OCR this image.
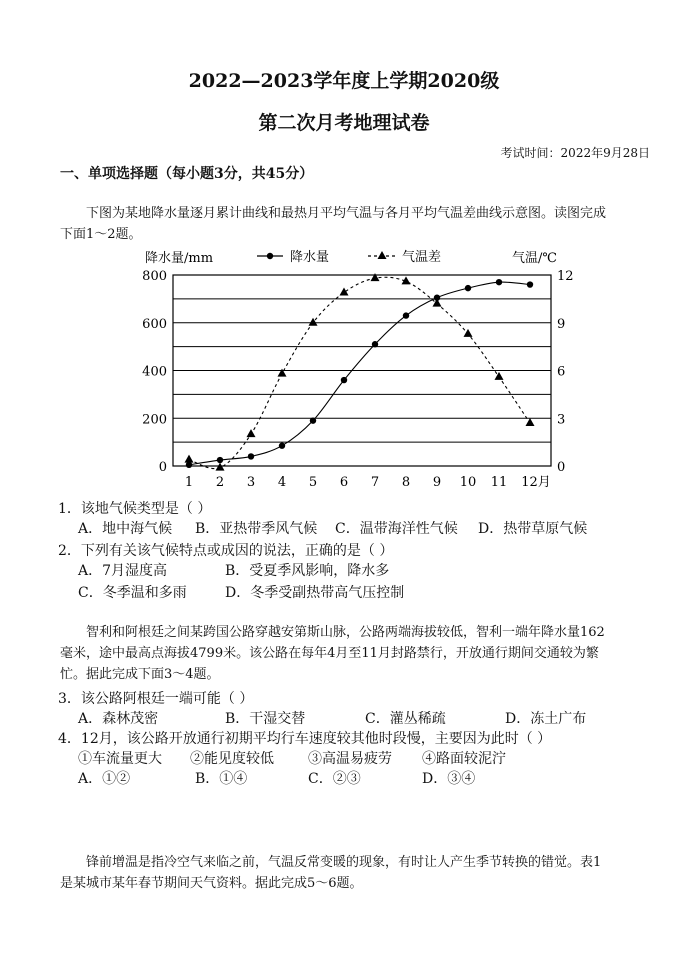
2022—2023学年度上学期2020级
第二次月考地理试卷
考试时间：2022年9月28日
一、单项选择题（每小题3分，共45分）
下图为某地降水量逐月累计曲线和最热月平均气温与各月平均气温差曲线示意图。读图完成
下面1～2题。
降水量/mm	气温/℃
降水量	气温差
0
200
400
600
800
0
3
6
9
12
1 2 3 4 5 6 7 8 9 10 11 12月
1．该地气候类型是（ ）
A．地中海气候 B．亚热带季风气候 C．温带海洋性气候 D．热带草原气候
2．下列有关该气候特点或成因的说法，正确的是（ ）
A．7月湿度高	B．受夏季风影响，降水多
C．冬季温和多雨	D．冬季受副热带高气压控制
智利和阿根廷之间某跨国公路穿越安第斯山脉，公路两端海拔较低，智利一端年降水量162
毫米，途中最高点海拔4799米。该公路在每年4月至11月封路禁行，开放通行期间交通较为繁
忙。据此完成下面3～4题。
3．该公路阿根廷一端可能（ ）
A．森林茂密	B．干湿交替	C．灌丛稀疏	D．冻土广布
4．12月，该公路开放通行初期平均行车速度较其他时段慢，主要因为此时（ ）
①车流量更大 ②能见度较低 ③高温易疲劳 ④路面较泥泞
A．①②	B．①④	C．②③	D．③④
锋前增温是指冷空气来临之前，气温反常变暖的现象，有时让人产生季节转换的错觉。表1
是某城市某年春节期间天气资料。据此完成5～6题。
